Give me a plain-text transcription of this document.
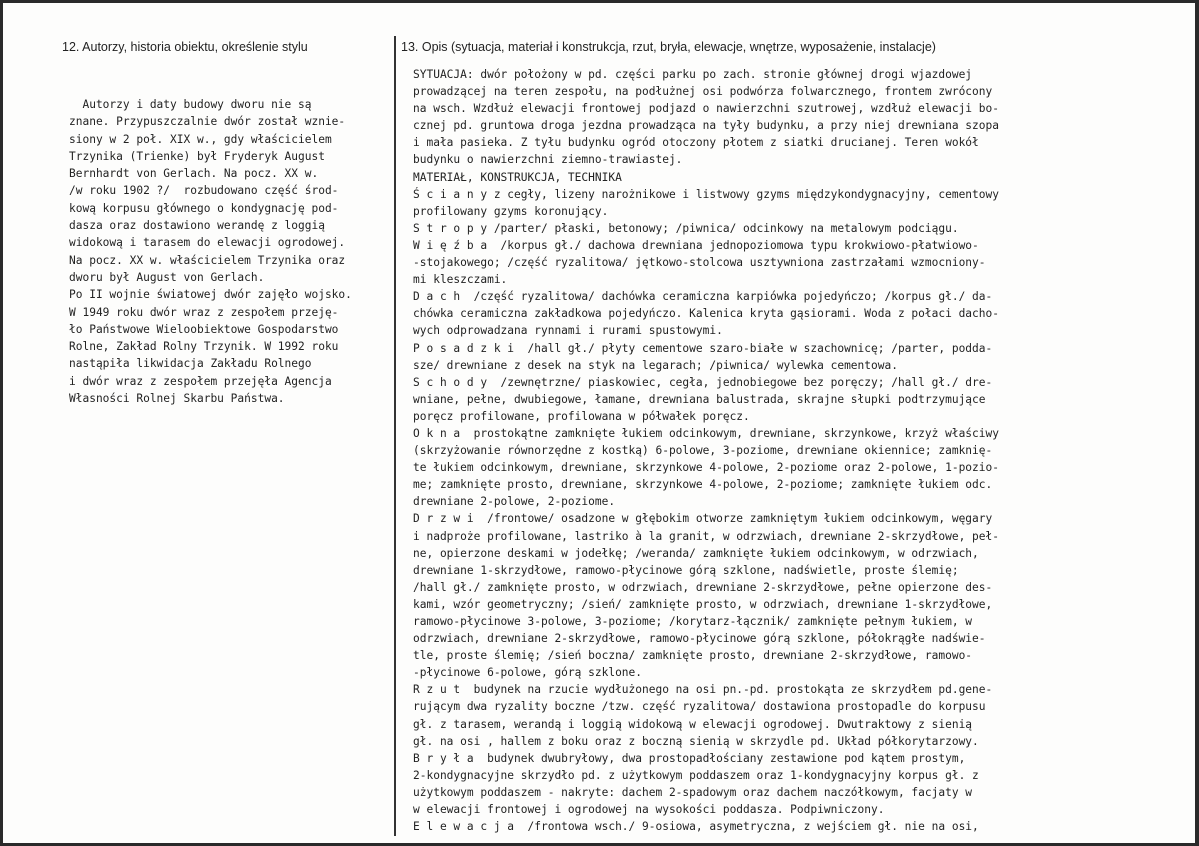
12. Autorzy, historia obiektu, określenie stylu	13. Opis (sytuacja, materiał i konstrukcja, rzut, bryła, elewacje, wnętrze, wyposażenie, instalacje)
Autorzy i daty budowy dworu nie są
znane. Przypuszczalnie dwór został wznie-
siony w 2 poł. XIX w., gdy właścicielem
Trzynika (Trienke) był Fryderyk August
Bernhardt von Gerlach. Na pocz. XX w.
/w roku 1902 ?/  rozbudowano część środ-
kową korpusu głównego o kondygnację pod-
dasza oraz dostawiono werandę z loggią
widokową i tarasem do elewacji ogrodowej.
Na pocz. XX w. właścicielem Trzynika oraz
dworu był August von Gerlach.
Po II wojnie światowej dwór zajęło wojsko.
W 1949 roku dwór wraz z zespołem przeję-
ło Państwowe Wieloobiektowe Gospodarstwo
Rolne, Zakład Rolny Trzynik. W 1992 roku
nastąpiła likwidacja Zakładu Rolnego
i dwór wraz z zespołem przejęła Agencja
Własności Rolnej Skarbu Państwa.
SYTUACJA: dwór położony w pd. części parku po zach. stronie głównej drogi wjazdowej
prowadzącej na teren zespołu, na podłużnej osi podwórza folwarcznego, frontem zwrócony
na wsch. Wzdłuż elewacji frontowej podjazd o nawierzchni szutrowej, wzdłuż elewacji bo-
cznej pd. gruntowa droga jezdna prowadząca na tyły budynku, a przy niej drewniana szopa
i mała pasieka. Z tyłu budynku ogród otoczony płotem z siatki drucianej. Teren wokół
budynku o nawierzchni ziemno-trawiastej.
MATERIAŁ, KONSTRUKCJA, TECHNIKA
Ś c i a n y z cegły, lizeny narożnikowe i listwowy gzyms międzykondygnacyjny, cementowy
profilowany gzyms koronujący.
S t r o p y /parter/ płaski, betonowy; /piwnica/ odcinkowy na metalowym podciągu.
W i ę ź b a  /korpus gł./ dachowa drewniana jednopoziomowa typu krokwiowo-płatwiowo-
-stojakowego; /część ryzalitowa/ jętkowo-stolcowa usztywniona zastrzałami wzmocniony-
mi kleszczami.
D a c h  /część ryzalitowa/ dachówka ceramiczna karpiówka pojedyńczo; /korpus gł./ da-
chówka ceramiczna zakładkowa pojedyńczo. Kalenica kryta gąsiorami. Woda z połaci dacho-
wych odprowadzana rynnami i rurami spustowymi.
P o s a d z k i  /hall gł./ płyty cementowe szaro-białe w szachownicę; /parter, podda-
sze/ drewniane z desek na styk na legarach; /piwnica/ wylewka cementowa.
S c h o d y  /zewnętrzne/ piaskowiec, cegła, jednobiegowe bez poręczy; /hall gł./ dre-
wniane, pełne, dwubiegowe, łamane, drewniana balustrada, skrajne słupki podtrzymujące
poręcz profilowane, profilowana w półwałek poręcz.
O k n a  prostokątne zamknięte łukiem odcinkowym, drewniane, skrzynkowe, krzyż właściwy
(skrzyżowanie równorzędne z kostką) 6-polowe, 3-poziome, drewniane okiennice; zamknię-
te łukiem odcinkowym, drewniane, skrzynkowe 4-polowe, 2-poziome oraz 2-polowe, 1-pozio-
me; zamknięte prosto, drewniane, skrzynkowe 4-polowe, 2-poziome; zamknięte łukiem odc.
drewniane 2-polowe, 2-poziome.
D r z w i  /frontowe/ osadzone w głębokim otworze zamkniętym łukiem odcinkowym, węgary
i nadproże profilowane, lastriko à la granit, w odrzwiach, drewniane 2-skrzydłowe, peł-
ne, opierzone deskami w jodełkę; /weranda/ zamknięte łukiem odcinkowym, w odrzwiach,
drewniane 1-skrzydłowe, ramowo-płycinowe górą szklone, nadświetle, proste ślemię;
/hall gł./ zamknięte prosto, w odrzwiach, drewniane 2-skrzydłowe, pełne opierzone des-
kami, wzór geometryczny; /sień/ zamknięte prosto, w odrzwiach, drewniane 1-skrzydłowe,
ramowo-płycinowe 3-polowe, 3-poziome; /korytarz-łącznik/ zamknięte pełnym łukiem, w
odrzwiach, drewniane 2-skrzydłowe, ramowo-płycinowe górą szklone, półokrągłe nadświe-
tle, proste ślemię; /sień boczna/ zamknięte prosto, drewniane 2-skrzydłowe, ramowo-
-płycinowe 6-polowe, górą szklone.
R z u t  budynek na rzucie wydłużonego na osi pn.-pd. prostokąta ze skrzydłem pd.gene-
rującym dwa ryzality boczne /tzw. część ryzalitowa/ dostawiona prostopadle do korpusu
gł. z tarasem, werandą i loggią widokową w elewacji ogrodowej. Dwutraktowy z sienią
gł. na osi , hallem z boku oraz z boczną sienią w skrzydle pd. Układ półkorytarzowy.
B r y ł a  budynek dwubryłowy, dwa prostopadłościany zestawione pod kątem prostym,
2-kondygnacyjne skrzydło pd. z użytkowym poddaszem oraz 1-kondygnacyjny korpus gł. z
użytkowym poddaszem - nakryte: dachem 2-spadowym oraz dachem naczółkowym, facjaty w
w elewacji frontowej i ogrodowej na wysokości poddasza. Podpiwniczony.
E l e w a c j a  /frontowa wsch./ 9-osiowa, asymetryczna, z wejściem gł. nie na osi,
